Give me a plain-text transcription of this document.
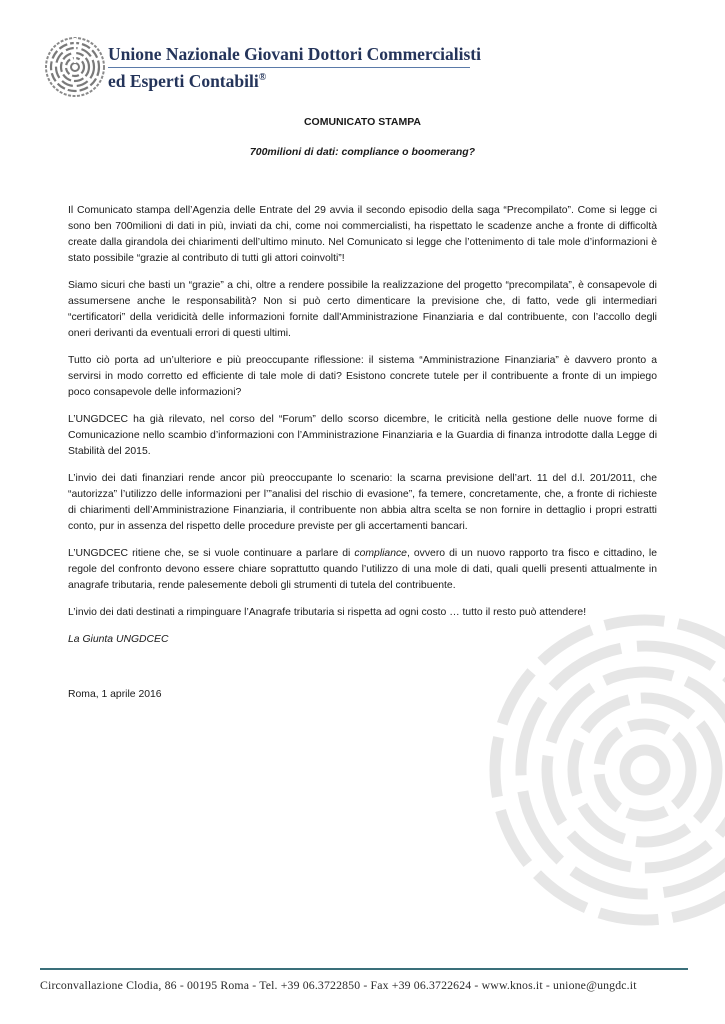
Unione Nazionale Giovani Dottori Commercialisti
ed Esperti Contabili®
COMUNICATO STAMPA
700milioni di dati: compliance o boomerang?

Il Comunicato stampa dell’Agenzia delle Entrate del 29 avvia il secondo episodio della saga “Precompilato”. Come si legge ci sono ben 700milioni di dati in più, inviati da chi, come noi commercialisti, ha rispettato le scadenze anche a fronte di difficoltà create dalla girandola dei chiarimenti dell’ultimo minuto. Nel Comunicato si legge che l’ottenimento di tale mole d’informazioni è stato possibile “grazie al contributo di tutti gli attori coinvolti”!

Siamo sicuri che basti un “grazie” a chi, oltre a rendere possibile la realizzazione del progetto “precompilata”, è consapevole di assumersene anche le responsabilità? Non si può certo dimenticare la previsione che, di fatto, vede gli intermediari “certificatori” della veridicità delle informazioni fornite dall'Amministrazione Finanziaria e dal contribuente, con l’accollo degli oneri derivanti da eventuali errori di questi ultimi.

Tutto ciò porta ad un’ulteriore e più preoccupante riflessione: il sistema “Amministrazione Finanziaria” è davvero pronto a servirsi in modo corretto ed efficiente di tale mole di dati? Esistono concrete tutele per il contribuente a fronte di un impiego poco consapevole delle informazioni?

L’UNGDCEC ha già rilevato, nel corso del “Forum” dello scorso dicembre, le criticità nella gestione delle nuove forme di Comunicazione nello scambio d’informazioni con l’Amministrazione Finanziaria e la Guardia di finanza introdotte dalla Legge di Stabilità del 2015.

L’invio dei dati finanziari rende ancor più preoccupante lo scenario: la scarna previsione dell’art. 11 del d.l. 201/2011, che “autorizza” l’utilizzo delle informazioni per l’”analisi del rischio di evasione”, fa temere, concretamente, che, a fronte di richieste di chiarimenti dell’Amministrazione Finanziaria, il contribuente non abbia altra scelta se non fornire in dettaglio i propri estratti conto, pur in assenza del rispetto delle procedure previste per gli accertamenti bancari.

L’UNGDCEC ritiene che, se si vuole continuare a parlare di compliance, ovvero di un nuovo rapporto tra fisco e cittadino, le regole del confronto devono essere chiare soprattutto quando l’utilizzo di una mole di dati, quali quelli presenti attualmente in anagrafe tributaria, rende palesemente deboli gli strumenti di tutela del contribuente.

L’invio dei dati destinati a rimpinguare l’Anagrafe tributaria si rispetta ad ogni costo … tutto il resto può attendere!

La Giunta UNGDCEC

Roma, 1 aprile 2016

Circonvallazione Clodia, 86 - 00195 Roma - Tel. +39 06.3722850 - Fax +39 06.3722624 - www.knos.it - unione@ungdc.it
